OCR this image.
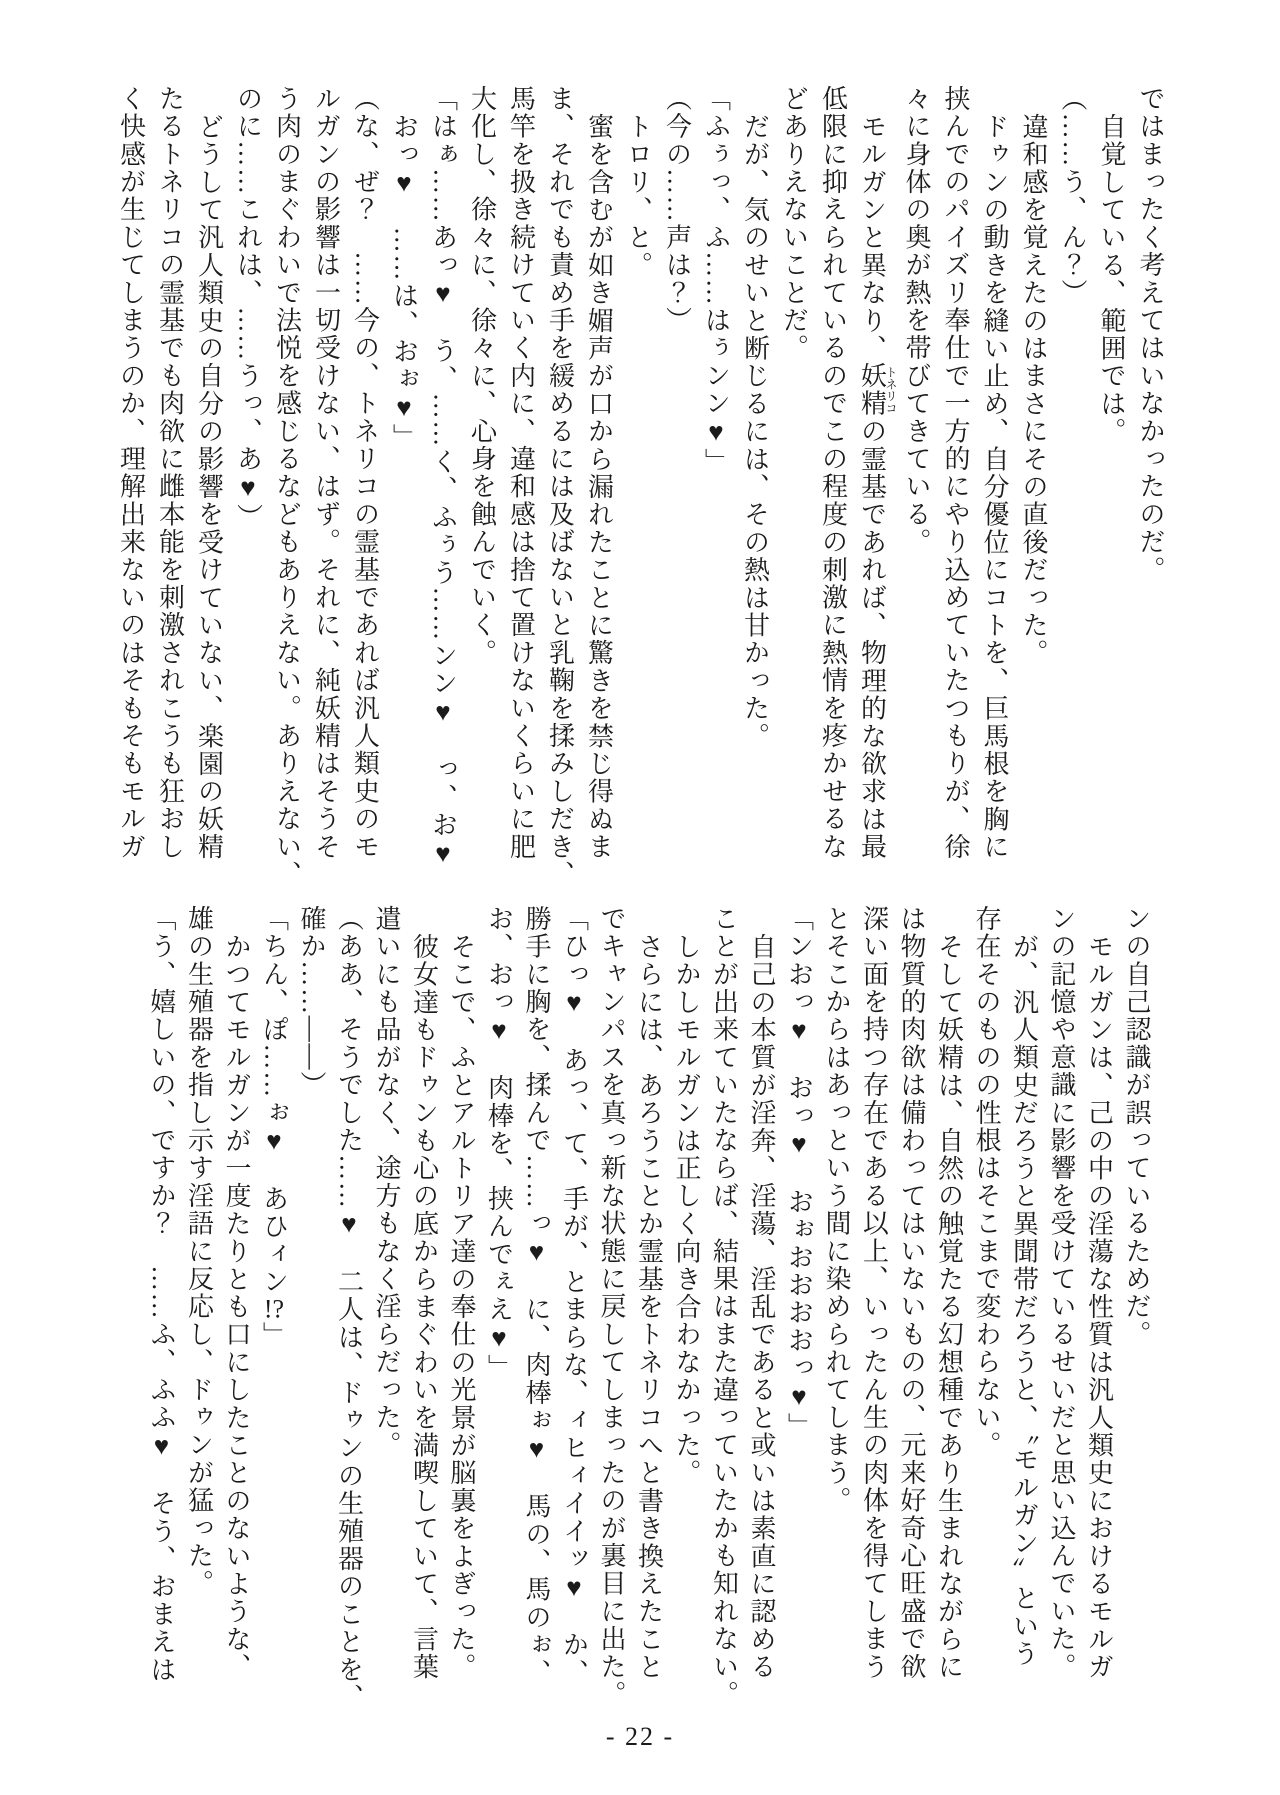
ではまったく考えてはいなかったのだ。
自覚している、範囲では。
（……う、ん？）
違和感を覚えたのはまさにその直後だった。
ドゥンの動きを縫い止め、自分優位にコトを、巨馬根を胸に
挟んでのパイズリ奉仕で一方的にやり込めていたつもりが、徐
々に身体の奥が熱を帯びてきている。
モルガンと異なり、妖精トネリコの霊基であれば、物理的な欲求は最
低限に抑えられているのでこの程度の刺激に熱情を疼かせるな
どありえないことだ。
だが、気のせいと断じるには、その熱は甘かった。
「ふぅっ、ふ……はぅンン♥」
（今の……声は？）
トロリ、と。
蜜を含むが如き媚声が口から漏れたことに驚きを禁じ得ぬま
ま、それでも責め手を緩めるには及ばないと乳鞠を揉みしだき、
馬竿を扱き続けていく内に、違和感は捨て置けないくらいに肥
大化し、徐々に、徐々に、心身を蝕んでいく。
「はぁ……あっ♥　う、……く、ふぅう……ンン♥　っ、お♥
おっ♥　……は、おぉ♥」
（な、ぜ？　……今の、トネリコの霊基であれば汎人類史のモ
ルガンの影響は一切受けない、はず。それに、純妖精はそうそ
う肉のまぐわいで法悦を感じるなどもありえない。ありえない、
のに……これは、……うっ、あ♥）
どうして汎人類史の自分の影響を受けていない、楽園の妖精
たるトネリコの霊基でも肉欲に雌本能を刺激されこうも狂おし
く快感が生じてしまうのか、理解出来ないのはそもそもモルガ
ンの自己認識が誤っているためだ。
モルガンは、己の中の淫蕩な性質は汎人類史におけるモルガ
ンの記憶や意識に影響を受けているせいだと思い込んでいた。
が、汎人類史だろうと異聞帯だろうと、〝モルガン〟という
存在そのものの性根はそこまで変わらない。
そして妖精は、自然の触覚たる幻想種であり生まれながらに
は物質的肉欲は備わってはいないものの、元来好奇心旺盛で欲
深い面を持つ存在である以上、いったん生の肉体を得てしまう
とそこからはあっという間に染められてしまう。
「ンおっ♥　おっ♥　おぉおおおおっ♥」
自己の本質が淫奔、淫蕩、淫乱であると或いは素直に認める
ことが出来ていたならば、結果はまた違っていたかも知れない。
しかしモルガンは正しく向き合わなかった。
さらには、あろうことか霊基をトネリコへと書き換えたこと
でキャンパスを真っ新な状態に戻してしまったのが裏目に出た。
「ひっ♥　あっ、て、手が、とまらな、ィヒィイイッ♥　か、
勝手に胸を、揉んで……っ♥　に、肉棒ぉ♥　馬の、馬のぉ、
お、おっ♥　肉棒を、挟んでぇえ♥」
そこで、ふとアルトリア達の奉仕の光景が脳裏をよぎった。
彼女達もドゥンも心の底からまぐわいを満喫していて、言葉
遣いにも品がなく、途方もなく淫らだった。
（ああ、そうでした……♥　二人は、ドゥンの生殖器のことを、
確か……――）
「ちん、ぽ……ぉ♥　あひィン!?」
かつてモルガンが一度たりとも口にしたことのないような、
雄の生殖器を指し示す淫語に反応し、ドゥンが猛った。
「う、嬉しいの、ですか？　……ふ、ふふ♥　そう、おまえは
- 22 -
